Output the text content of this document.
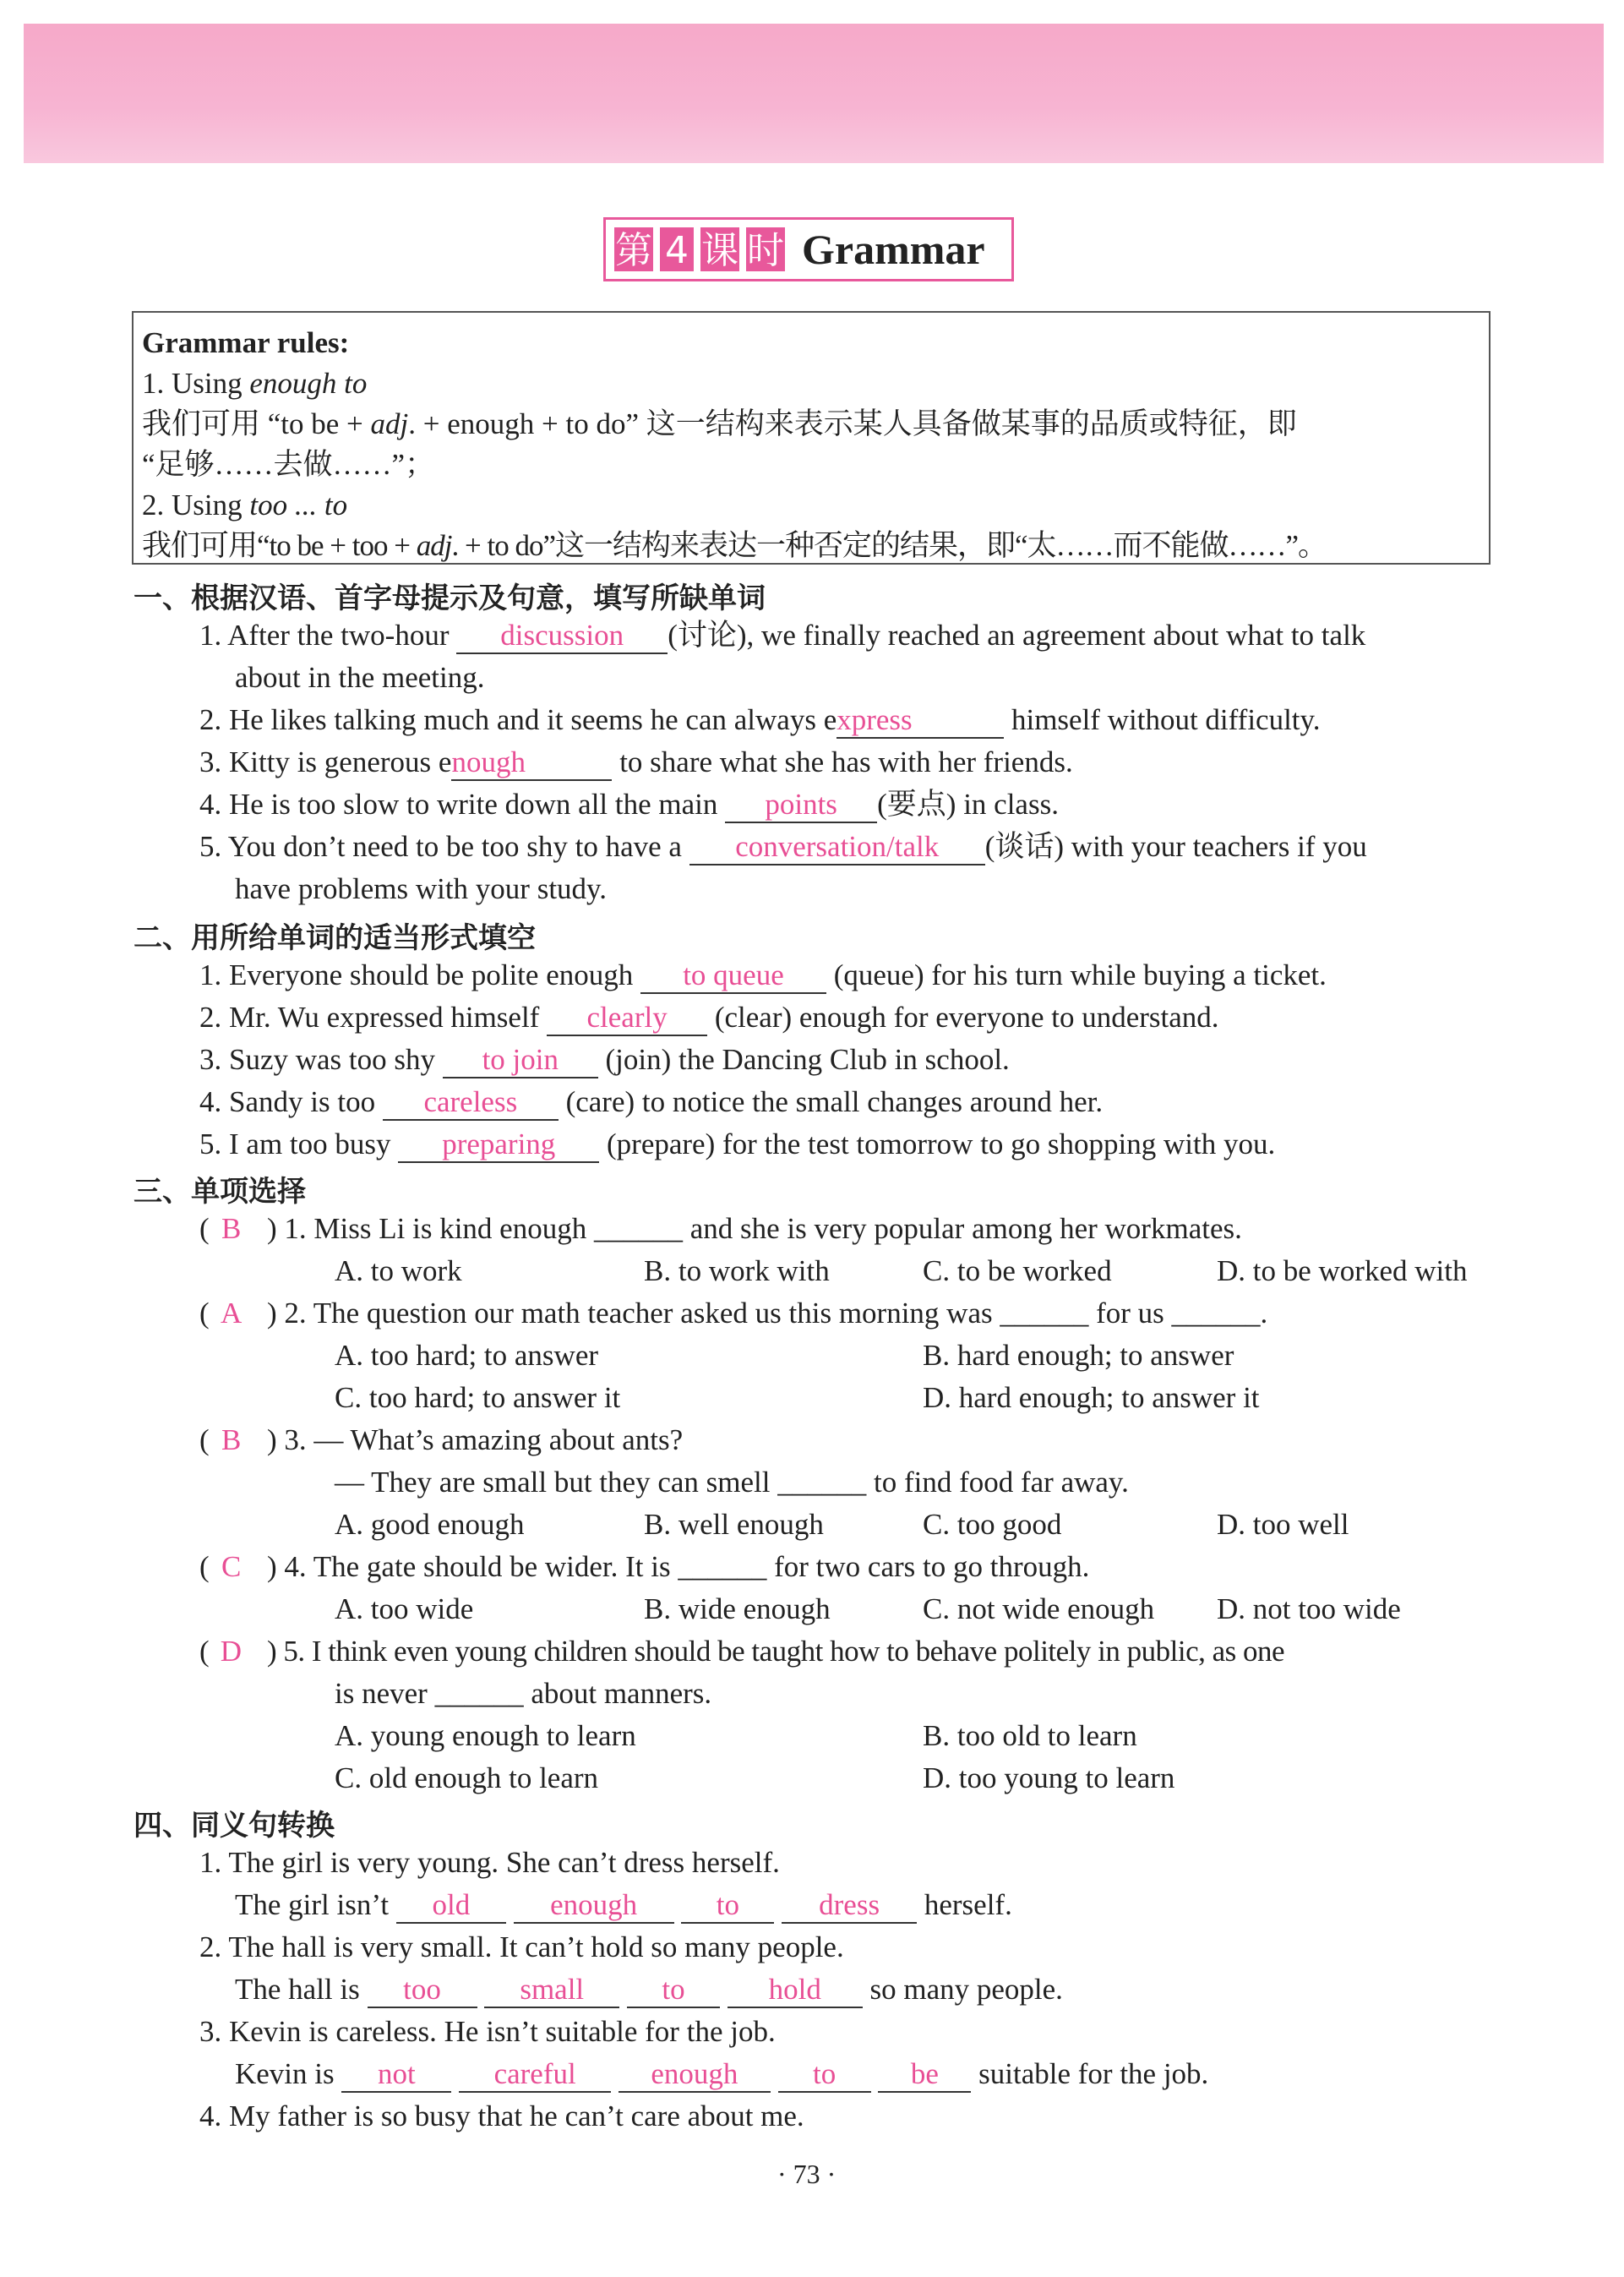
第 4 课 时 Grammar
Grammar rules:
1. Using enough to
我们可用 “to be + adj. + enough + to do” 这一结构来表示某人具备做某事的品质或特征，即
“足够……去做……”；
2. Using too ... to
我们可用“to be + too + adj. + to do”这一结构来表达一种否定的结果，即“太……而不能做……”。
一、根据汉语、首字母提示及句意，填写所缺单词
1. After the two-hour discussion (讨论), we finally reached an agreement about what to talk
about in the meeting.
2. He likes talking much and it seems he can always express	himself without difficulty.
3. Kitty is generous enough	to share what she has with her friends.
4. He is too slow to write down all the main points (要点) in class.
5. You don’t need to be too shy to have a conversation/talk (谈话) with your teachers if you
have problems with your study.
二、用所给单词的适当形式填空
1. Everyone should be polite enough to queue (queue) for his turn while buying a ticket.
2. Mr. Wu expressed himself clearly (clear) enough for everyone to understand.
3. Suzy was too shy to join (join) the Dancing Club in school.
4. Sandy is too careless (care) to notice the small changes around her.
5. I am too busy preparing (prepare) for the test tomorrow to go shopping with you.
三、单项选择
( B ) 1. Miss Li is kind enough ______ and she is very popular among her workmates.
A. to work	B. to work with	C. to be worked	D. to be worked with
( A ) 2. The question our math teacher asked us this morning was ______ for us ______.
A. too hard; to answer	B. hard enough; to answer
C. too hard; to answer it	D. hard enough; to answer it
( B ) 3. — What’s amazing about ants?
— They are small but they can smell ______ to find food far away.
A. good enough	B. well enough	C. too good	D. too well
( C ) 4. The gate should be wider. It is ______ for two cars to go through.
A. too wide	B. wide enough	C. not wide enough D. not too wide
( D ) 5. I think even young children should be taught how to behave politely in public, as one
is never ______ about manners.
A. young enough to learn	B. too old to learn
C. old enough to learn	D. too young to learn
四、同义句转换
1. The girl is very young. She can’t dress herself.
The girl isn’t old	enough	to	dress herself.
2. The hall is very small. It can’t hold so many people.
The hall is too	small	to	hold so many people.
3. Kevin is careless. He isn’t suitable for the job.
Kevin is not	careful	enough	to	be suitable for the job.
4. My father is so busy that he can’t care about me.
· 73 ·
